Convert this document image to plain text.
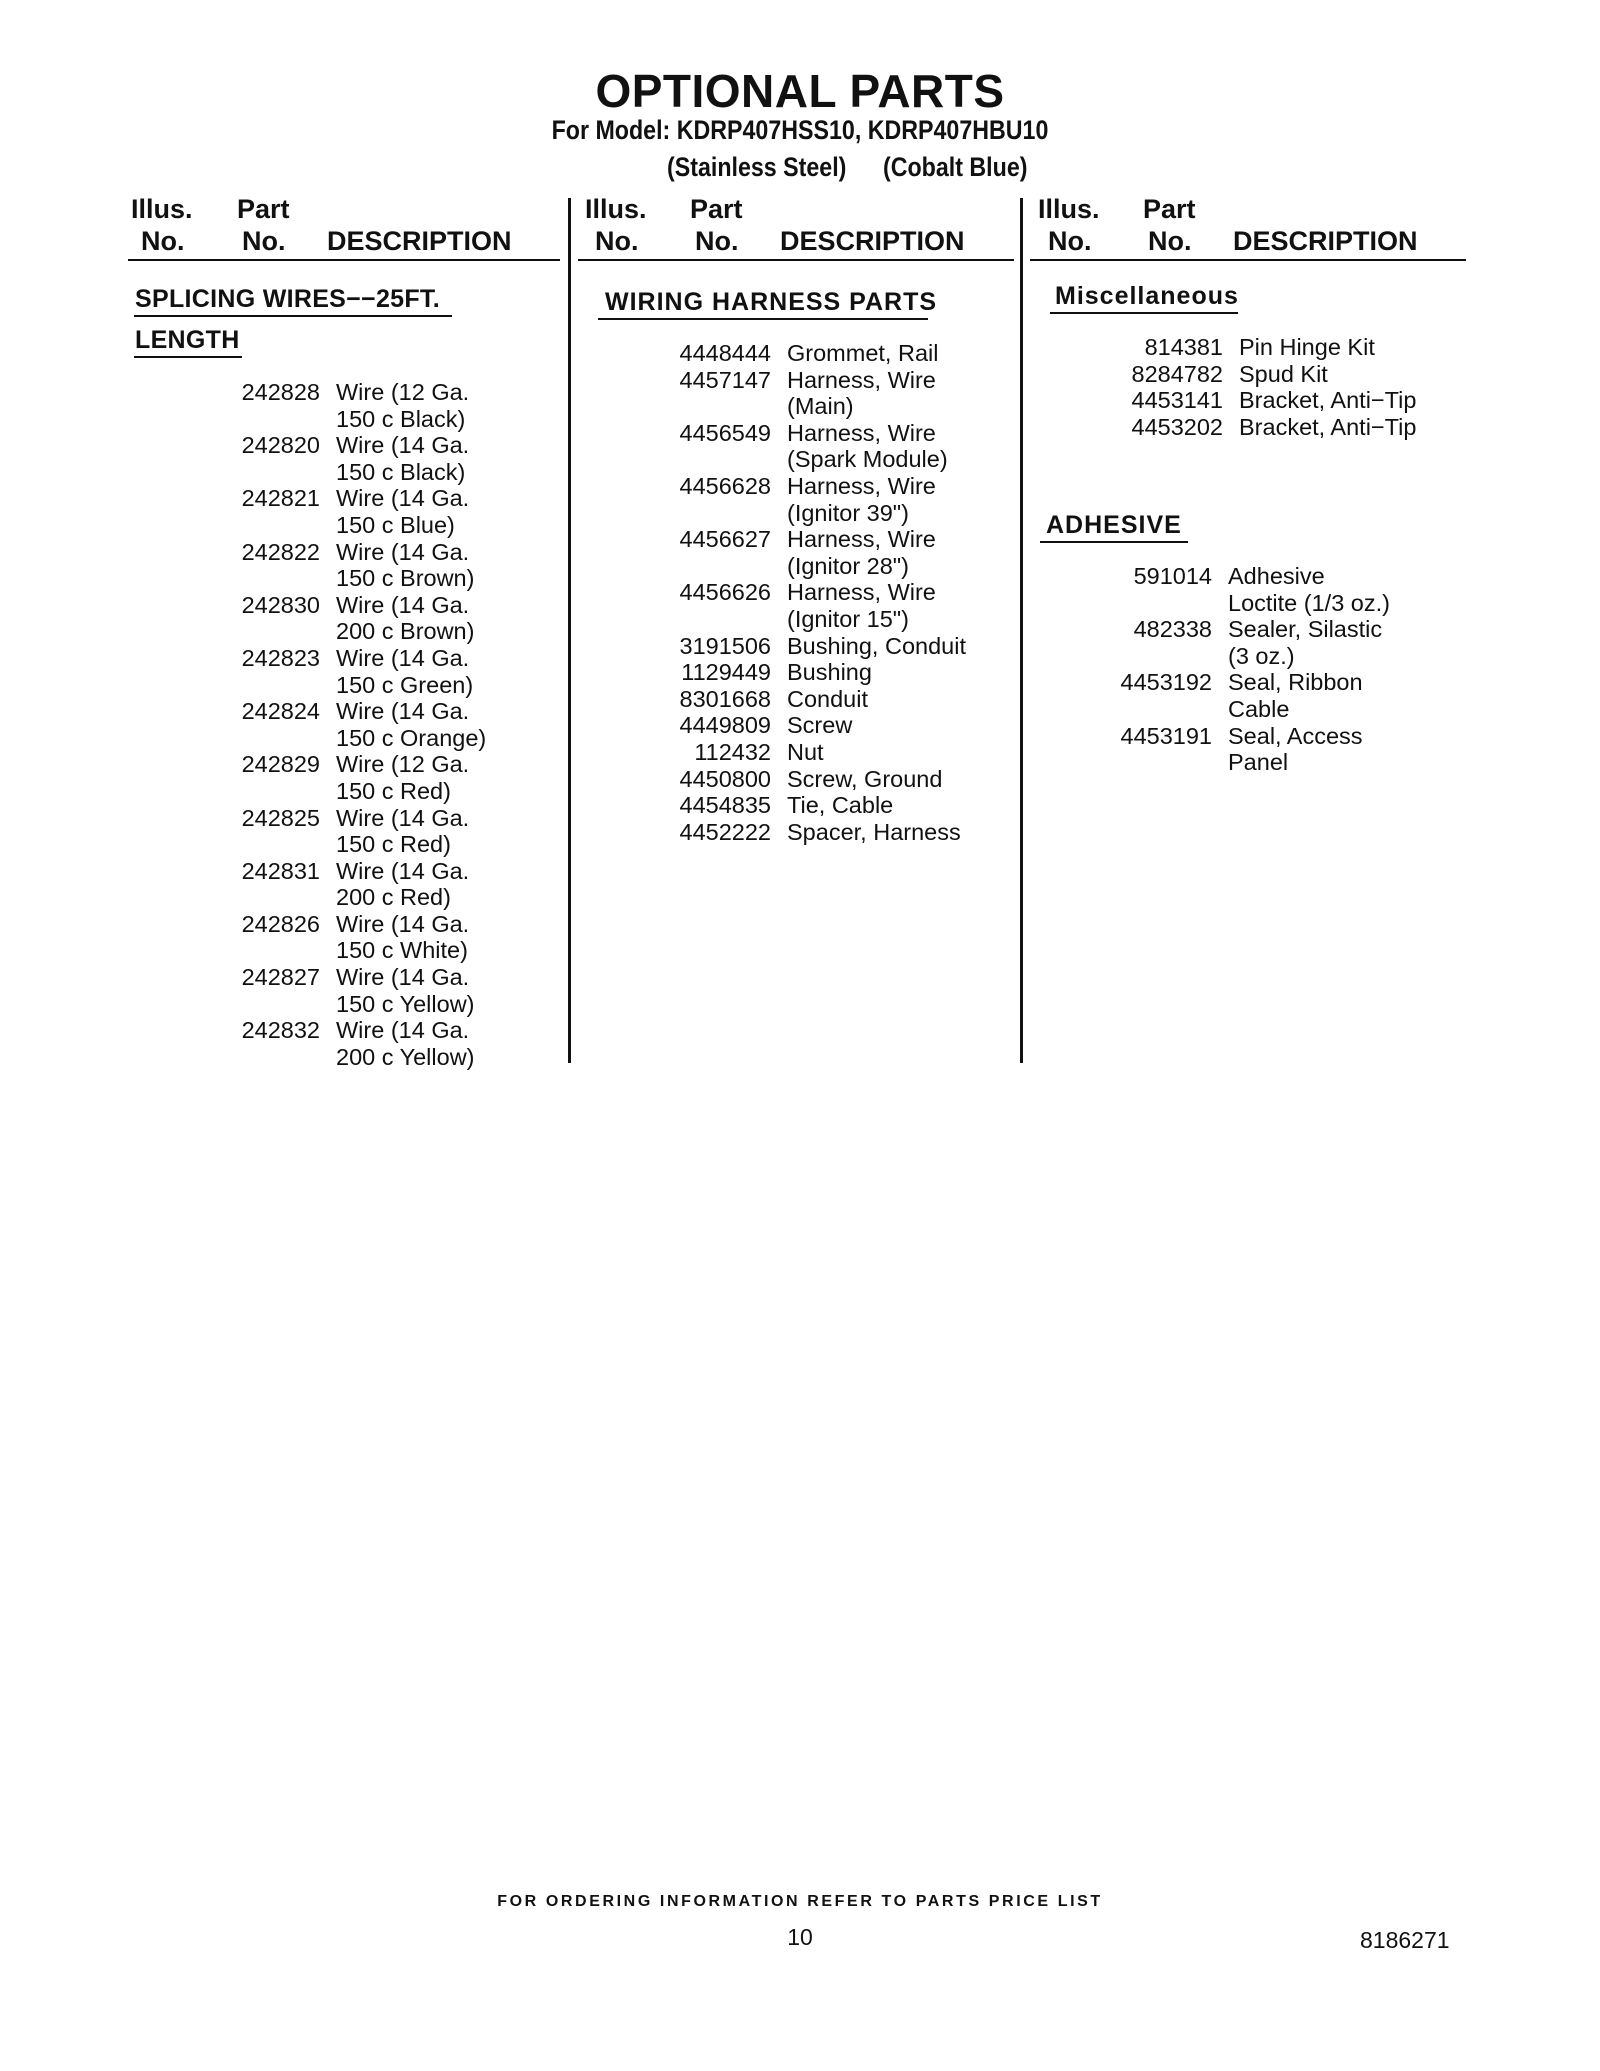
OPTIONAL PARTS
For Model: KDRP407HSS10, KDRP407HBU10
(Stainless Steel) (Cobalt Blue)
Illus. Part
No. No. DESCRIPTION
Illus. Part
No. No. DESCRIPTION
Illus. Part
No. No. DESCRIPTION
SPLICING WIRES−−25FT.
LENGTH
242828 Wire (12 Ga.
150 c Black)
242820 Wire (14 Ga.
150 c Black)
242821 Wire (14 Ga.
150 c Blue)
242822 Wire (14 Ga.
150 c Brown)
242830 Wire (14 Ga.
200 c Brown)
242823 Wire (14 Ga.
150 c Green)
242824 Wire (14 Ga.
150 c Orange)
242829 Wire (12 Ga.
150 c Red)
242825 Wire (14 Ga.
150 c Red)
242831 Wire (14 Ga.
200 c Red)
242826 Wire (14 Ga.
150 c White)
242827 Wire (14 Ga.
150 c Yellow)
242832 Wire (14 Ga.
200 c Yellow)
WIRING HARNESS PARTS
4448444 Grommet, Rail
4457147 Harness, Wire
(Main)
4456549 Harness, Wire
(Spark Module)
4456628 Harness, Wire
(Ignitor 39")
4456627 Harness, Wire
(Ignitor 28")
4456626 Harness, Wire
(Ignitor 15")
3191506 Bushing, Conduit
1129449 Bushing
8301668 Conduit
4449809 Screw
112432 Nut
4450800 Screw, Ground
4454835 Tie, Cable
4452222 Spacer, Harness
Miscellaneous
814381 Pin Hinge Kit
8284782 Spud Kit
4453141 Bracket, Anti−Tip
4453202 Bracket, Anti−Tip
ADHESIVE
591014 Adhesive
Loctite (1/3 oz.)
482338 Sealer, Silastic
(3 oz.)
4453192 Seal, Ribbon
Cable
4453191 Seal, Access
Panel
FOR ORDERING INFORMATION REFER TO PARTS PRICE LIST
10	8186271
